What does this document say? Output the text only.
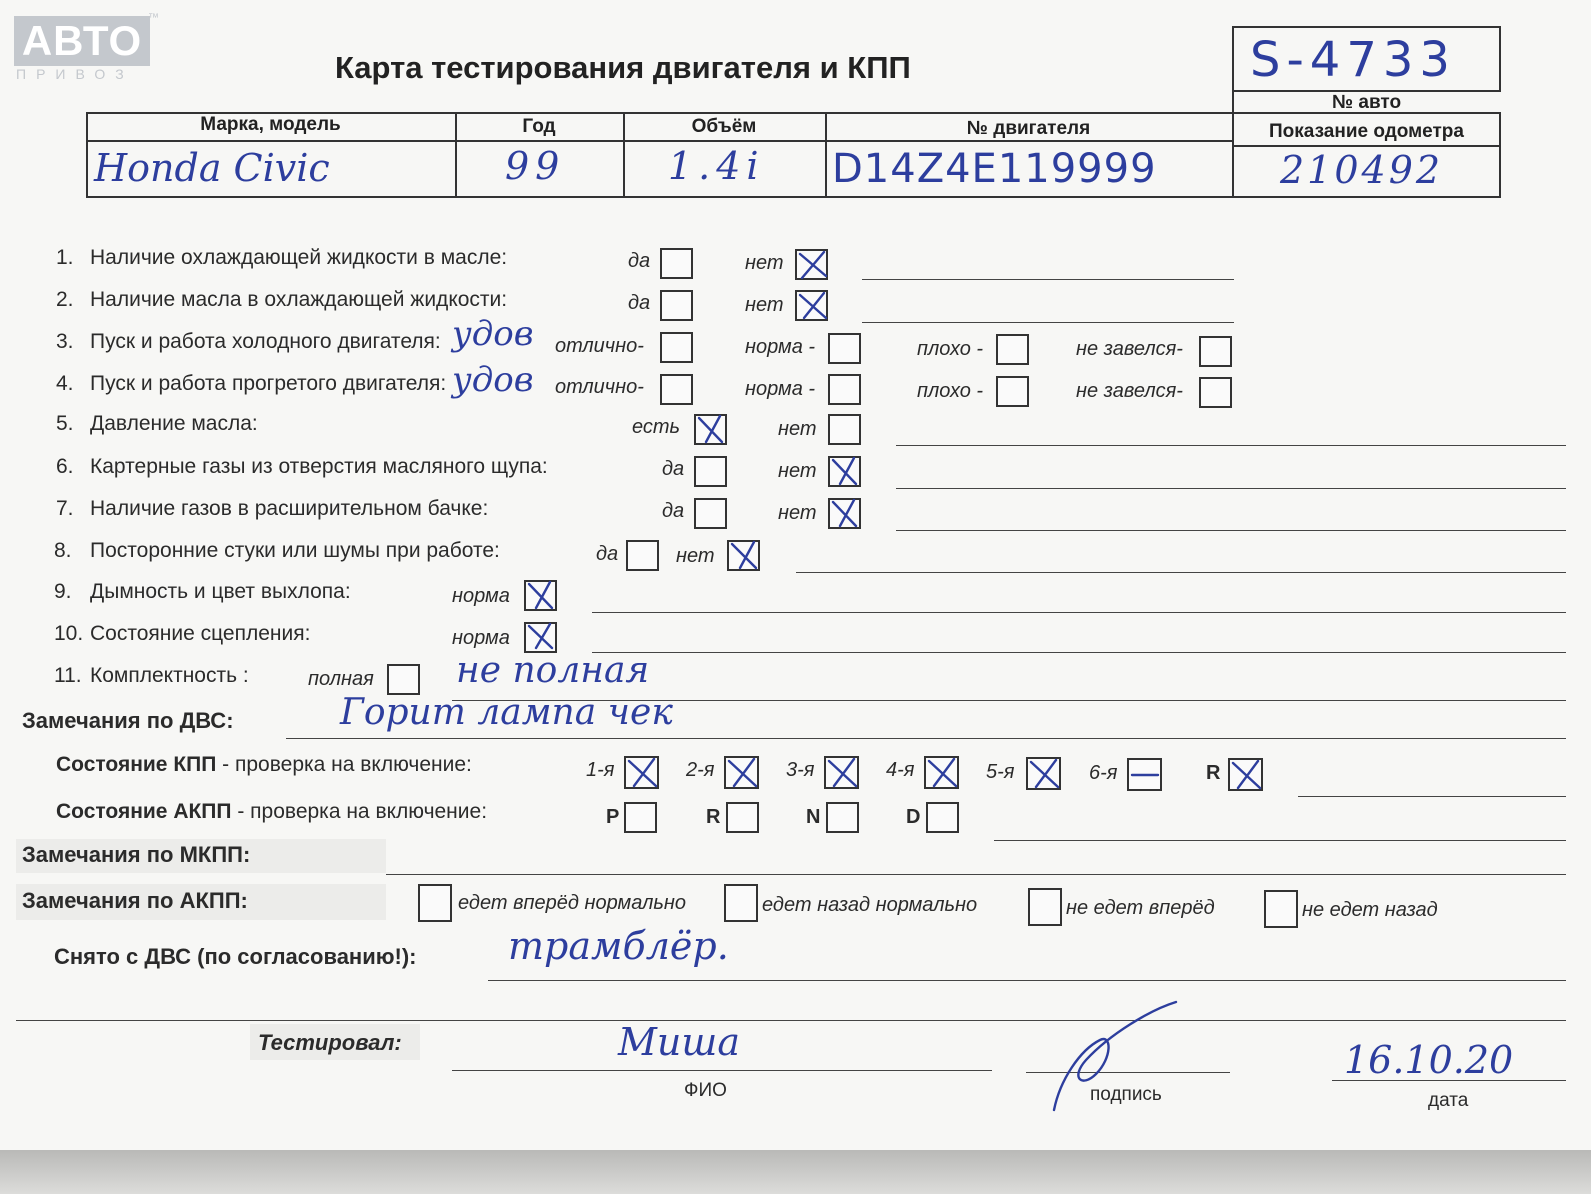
АВТО ™
ПРИВОЗ	Карта тестирования двигателя и КПП	S-4733
№ авто
Марка, модель	Год	Объём	№ двигателя	Показание одометра
Honda Civic	99	1.4i D14Z4E119999	210492
1. Наличие охлаждающей жидкости в масле:	да	нет
2. Наличие масла в охлаждающей жидкости:	да	нет
3. Пуск и работа холодного двигателя: удов отлично-	норма -	плохо -	не завелся-
4. Пуск и работа прогретого двигателя: удов отлично-	норма -	плохо -	не завелся-
5. Давление масла:	есть	нет
6. Картерные газы из отверстия масляного щупа:	да	нет
7. Наличие газов в расширительном бачке:	да	нет
8. Посторонние стуки или шумы при работе:	да	нет
9. Дымность и цвет выхлопа:	норма
10. Состояние сцепления:	норма
11. Комплектность :	полная не полная
Замечания по ДВС:	Горит лампа чек
Состояние КПП - проверка на включение:	1-я	2-я	3-я	4-я	5-я	6-я	R
Состояние АКПП - проверка на включение:	P	R	N	D
Замечания по МКПП:
Замечания по АКПП:	едет вперёд нормально	едет назад нормально	не едет вперёд	не едет назад
Снято с ДВС (по согласованию!): трамблёр.
Тестировал:	Миша
ФИО	подпись
16.10.20
дата
